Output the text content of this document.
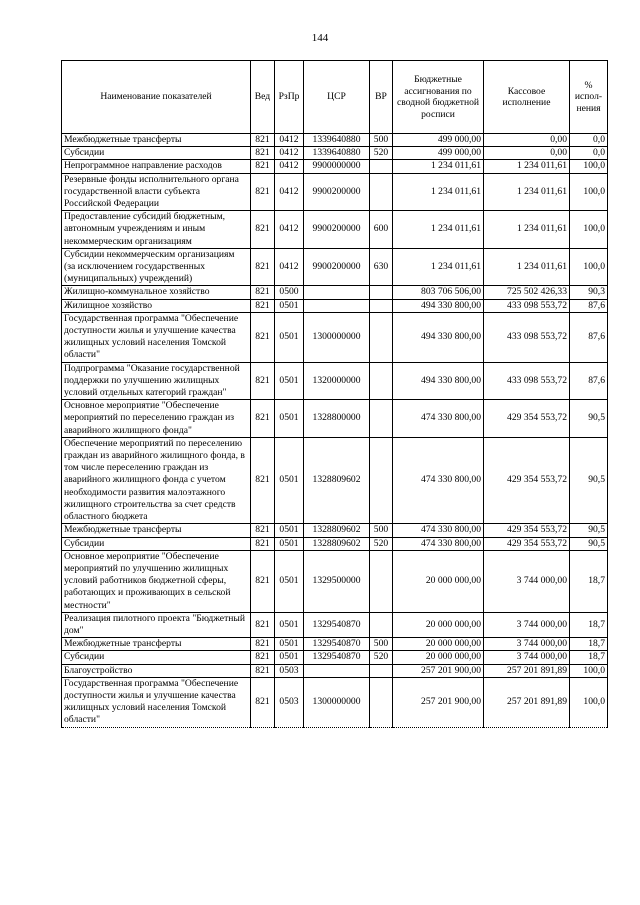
144
Наименование показателей	Вед	РзПр	ЦСР	ВР	Бюджетные ассигнования по сводной бюджетной росписи	Кассовое исполнение	% испол-нения
Межбюджетные трансферты	821	0412	1339640880	500	499 000,00	0,00	0,0
Субсидии	821	0412	1339640880	520	499 000,00	0,00	0,0
Непрограммное направление расходов	821	0412	9900000000		1 234 011,61	1 234 011,61	100,0
Резервные фонды исполнительного органа государственной власти субъекта Российской Федерации	821	0412	9900200000		1 234 011,61	1 234 011,61	100,0
Предоставление субсидий бюджетным, автономным учреждениям и иным некоммерческим организациям	821	0412	9900200000	600	1 234 011,61	1 234 011,61	100,0
Субсидии некоммерческим организациям (за исключением государственных (муниципальных) учреждений)	821	0412	9900200000	630	1 234 011,61	1 234 011,61	100,0
Жилищно-коммунальное хозяйство	821	0500			803 706 506,00	725 502 426,33	90,3
Жилищное хозяйство	821	0501			494 330 800,00	433 098 553,72	87,6
Государственная программа "Обеспечение доступности жилья и улучшение качества жилищных условий населения Томской области"	821	0501	1300000000		494 330 800,00	433 098 553,72	87,6
Подпрограмма "Оказание государственной поддержки по улучшению жилищных условий отдельных категорий граждан"	821	0501	1320000000		494 330 800,00	433 098 553,72	87,6
Основное мероприятие "Обеспечение мероприятий по переселению граждан из аварийного жилищного фонда"	821	0501	1328800000		474 330 800,00	429 354 553,72	90,5
Обеспечение мероприятий по переселению граждан из аварийного жилищного фонда, в том числе переселению граждан из аварийного жилищного фонда с учетом необходимости развития малоэтажного жилищного строительства за счет средств областного бюджета	821	0501	1328809602		474 330 800,00	429 354 553,72	90,5
Межбюджетные трансферты	821	0501	1328809602	500	474 330 800,00	429 354 553,72	90,5
Субсидии	821	0501	1328809602	520	474 330 800,00	429 354 553,72	90,5
Основное мероприятие "Обеспечение мероприятий по улучшению жилищных условий работников бюджетной сферы, работающих и проживающих в сельской местности"	821	0501	1329500000		20 000 000,00	3 744 000,00	18,7
Реализация пилотного проекта "Бюджетный дом"	821	0501	1329540870		20 000 000,00	3 744 000,00	18,7
Межбюджетные трансферты	821	0501	1329540870	500	20 000 000,00	3 744 000,00	18,7
Субсидии	821	0501	1329540870	520	20 000 000,00	3 744 000,00	18,7
Благоустройство	821	0503			257 201 900,00	257 201 891,89	100,0
Государственная программа "Обеспечение доступности жилья и улучшение качества жилищных условий населения Томской области"	821	0503	1300000000		257 201 900,00	257 201 891,89	100,0
